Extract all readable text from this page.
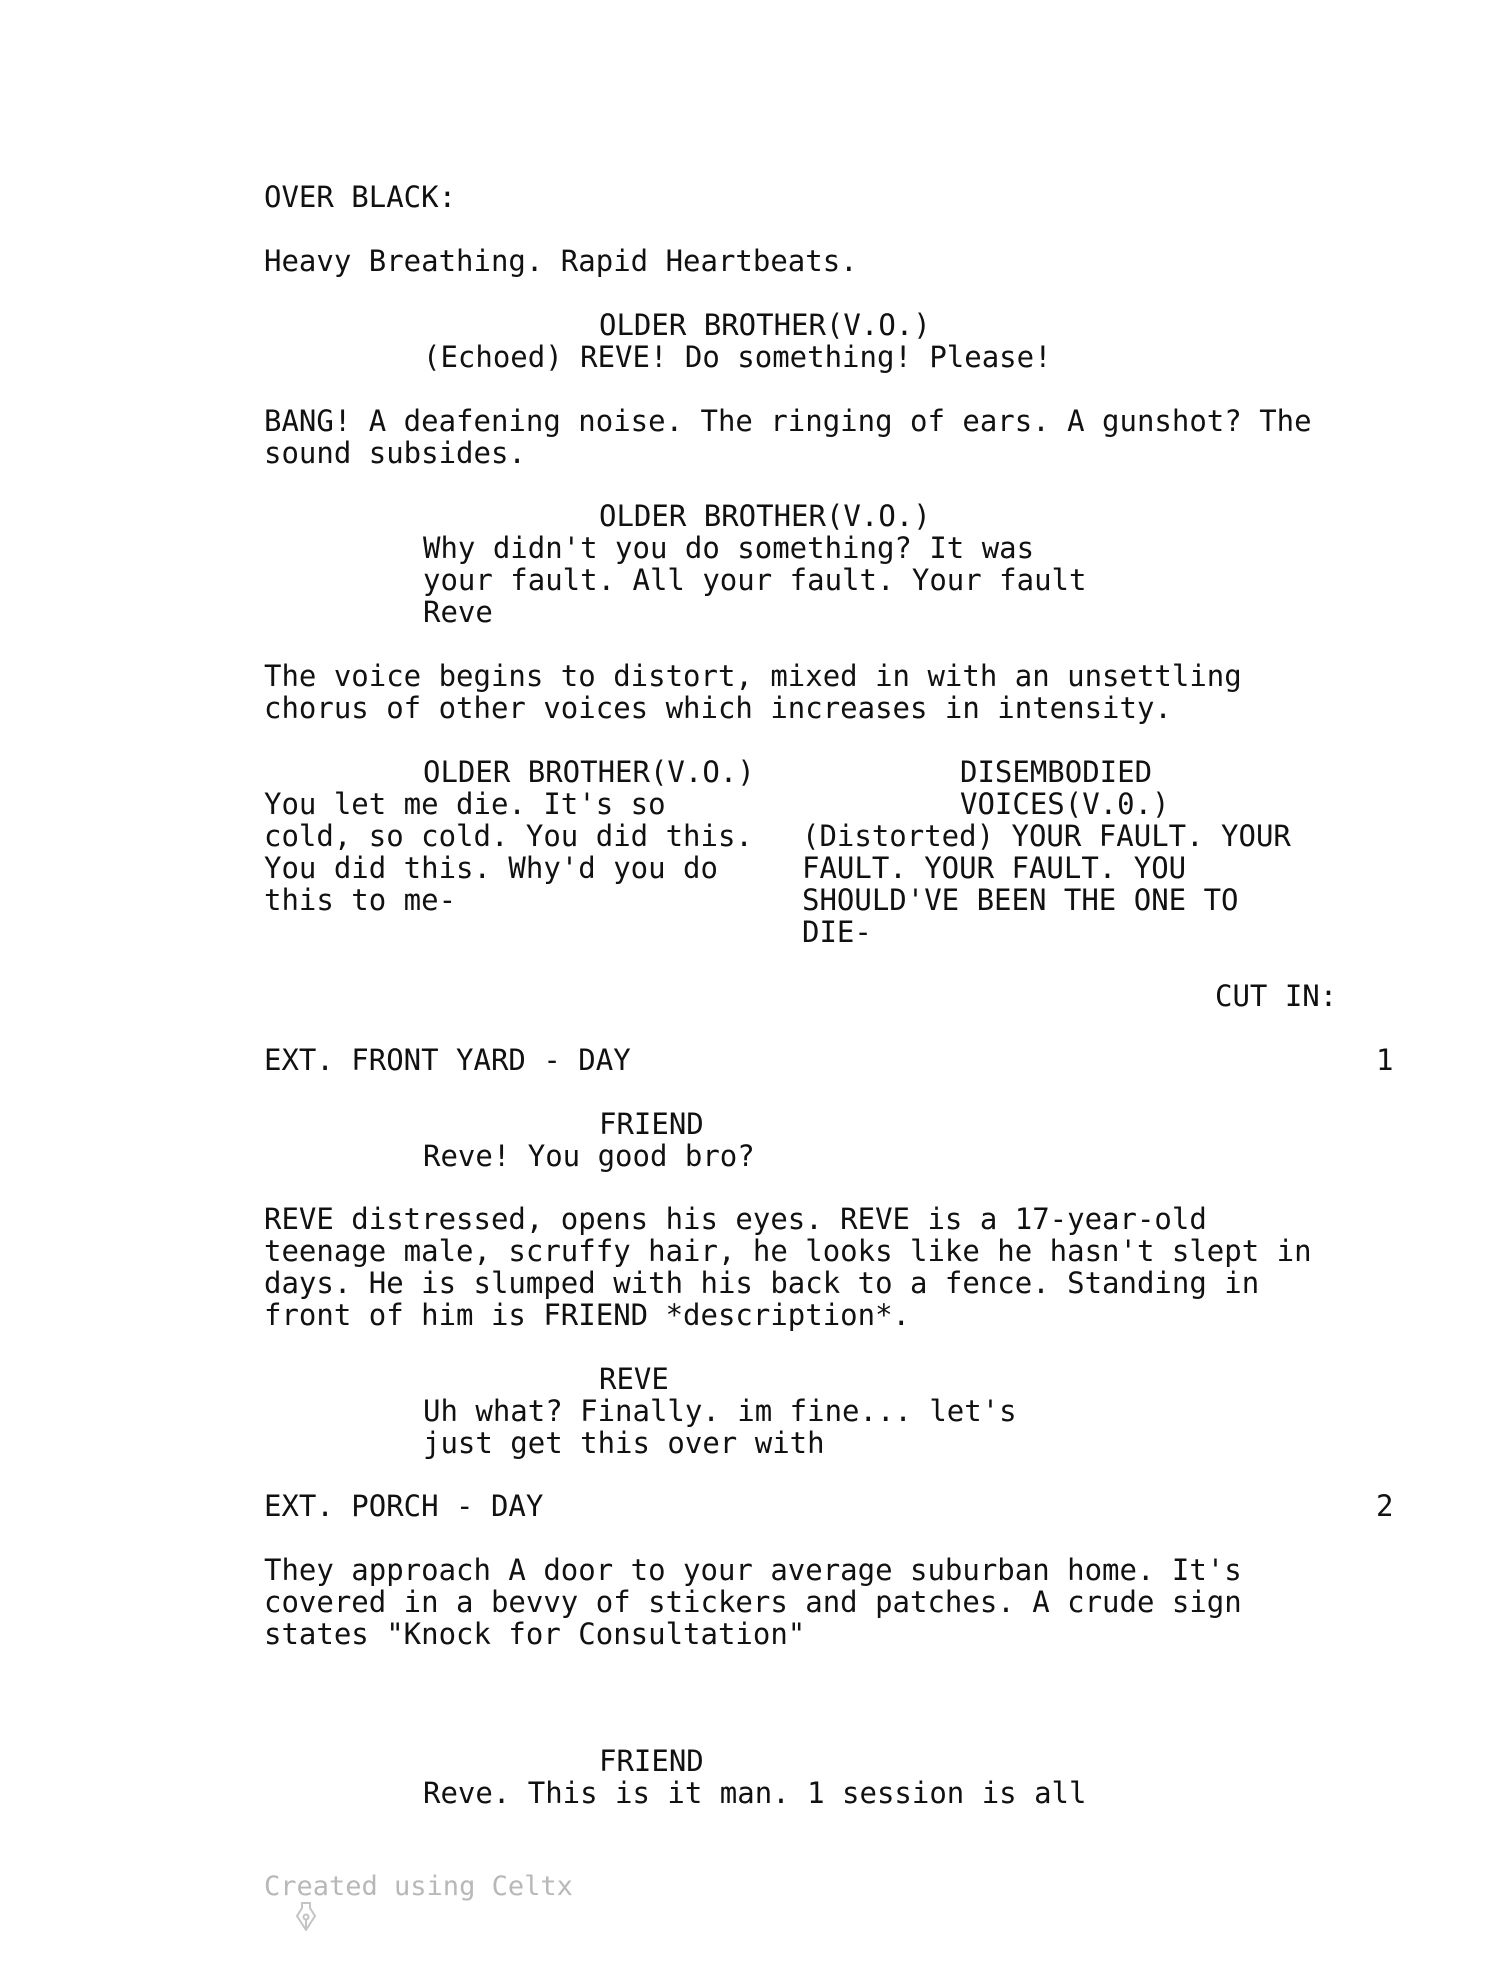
OVER BLACK:
Heavy Breathing. Rapid Heartbeats.
OLDER BROTHER(V.O.)
(Echoed) REVE! Do something! Please!
BANG! A deafening noise. The ringing of ears. A gunshot? The
sound subsides.
OLDER BROTHER(V.O.)
Why didn't you do something? It was
your fault. All your fault. Your fault
Reve
The voice begins to distort, mixed in with an unsettling
chorus of other voices which increases in intensity.
OLDER BROTHER(V.O.)
You let me die. It's so
cold, so cold. You did this.
You did this. Why'd you do
this to me-
DISEMBODIED
VOICES(V.0.)
(Distorted) YOUR FAULT. YOUR
FAULT. YOUR FAULT. YOU
SHOULD'VE BEEN THE ONE TO
DIE-
CUT IN:
EXT. FRONT YARD - DAY	1
FRIEND
Reve! You good bro?
REVE distressed, opens his eyes. REVE is a 17-year-old
teenage male, scruffy hair, he looks like he hasn't slept in
days. He is slumped with his back to a fence. Standing in
front of him is FRIEND *description*.
REVE
Uh what? Finally. im fine... let's
just get this over with
EXT. PORCH - DAY	2
They approach A door to your average suburban home. It's
covered in a bevvy of stickers and patches. A crude sign
states "Knock for Consultation"
FRIEND
Reve. This is it man. 1 session is all

Created using Celtx
